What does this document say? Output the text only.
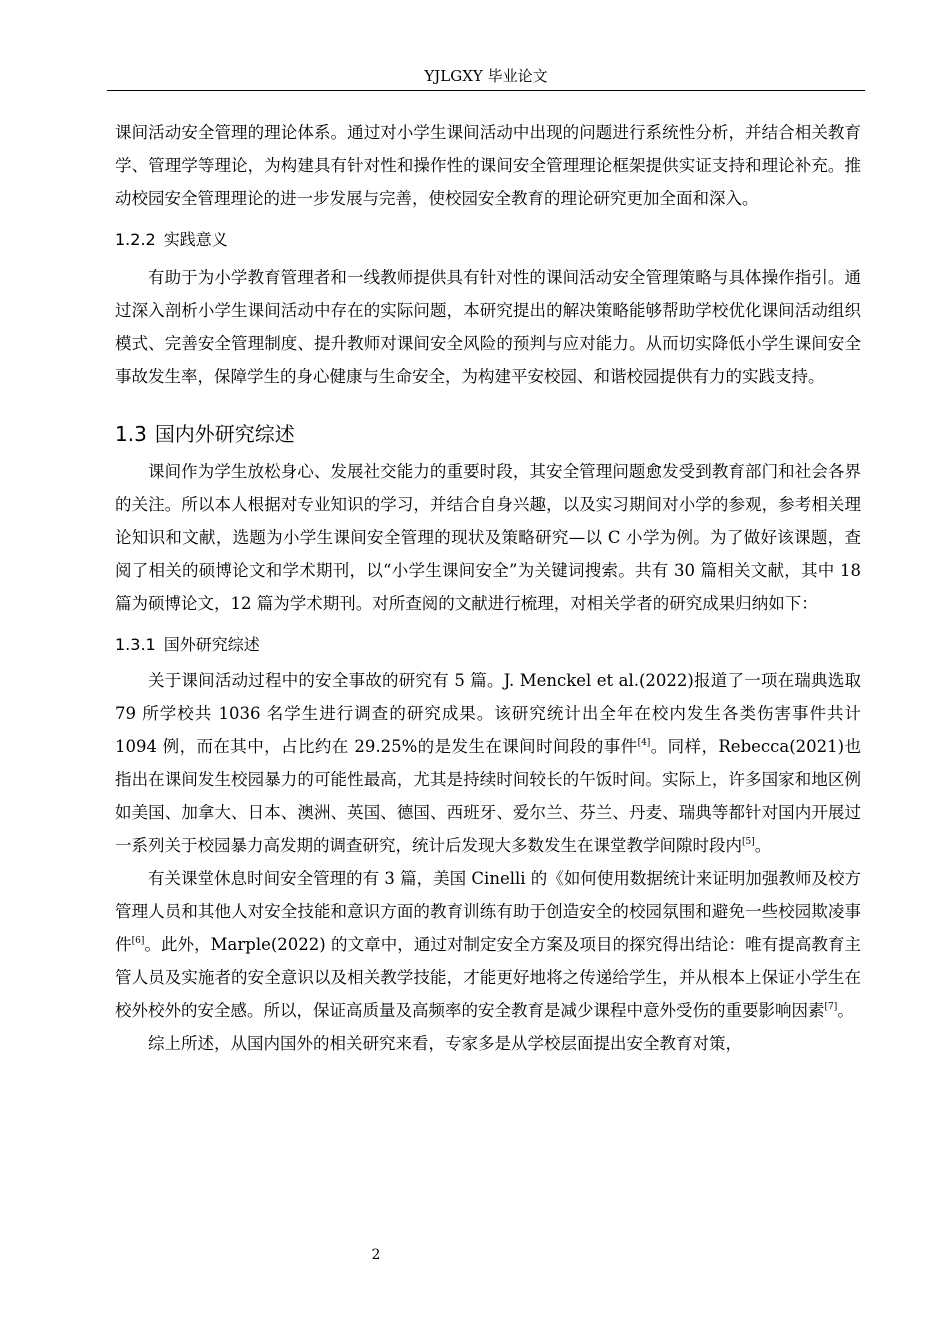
YJLGXY 毕业论文

课间活动安全管理的理论体系。通过对小学生课间活动中出现的问题进行系统性分析，并结合相关教育学、管理学等理论，为构建具有针对性和操作性的课间安全管理理论框架提供实证支持和理论补充。推动校园安全管理理论的进一步发展与完善，使校园安全教育的理论研究更加全面和深入。

1.2.2 实践意义

有助于为小学教育管理者和一线教师提供具有针对性的课间活动安全管理策略与具体操作指引。通过深入剖析小学生课间活动中存在的实际问题，本研究提出的解决策略能够帮助学校优化课间活动组织模式、完善安全管理制度、提升教师对课间安全风险的预判与应对能力。从而切实降低小学生课间安全事故发生率，保障学生的身心健康与生命安全，为构建平安校园、和谐校园提供有力的实践支持。

1.3 国内外研究综述

课间作为学生放松身心、发展社交能力的重要时段，其安全管理问题愈发受到教育部门和社会各界的关注。所以本人根据对专业知识的学习，并结合自身兴趣，以及实习期间对小学的参观，参考相关理论知识和文献，选题为小学生课间安全管理的现状及策略研究—以 C 小学为例。为了做好该课题，查阅了相关的硕博论文和学术期刊，以“小学生课间安全”为关键词搜索。共有 30 篇相关文献，其中 18 篇为硕博论文，12 篇为学术期刊。对所查阅的文献进行梳理，对相关学者的研究成果归纳如下：

1.3.1 国外研究综述

关于课间活动过程中的安全事故的研究有 5 篇。J. Menckel et al.(2022)报道了一项在瑞典选取 79 所学校共 1036 名学生进行调查的研究成果。该研究统计出全年在校内发生各类伤害事件共计 1094 例，而在其中，占比约在 29.25%的是发生在课间时间段的事件[4]。同样，Rebecca(2021)也指出在课间发生校园暴力的可能性最高，尤其是持续时间较长的午饭时间。实际上，许多国家和地区例如美国、加拿大、日本、澳洲、英国、德国、西班牙、爱尔兰、芬兰、丹麦、瑞典等都针对国内开展过一系列关于校园暴力高发期的调查研究，统计后发现大多数发生在课堂教学间隙时段内[5]。

有关课堂休息时间安全管理的有 3 篇，美国 Cinelli 的《如何使用数据统计来证明加强教师及校方管理人员和其他人对安全技能和意识方面的教育训练有助于创造安全的校园氛围和避免一些校园欺凌事件[6]。此外，Marple(2022) 的文章中，通过对制定安全方案及项目的探究得出结论：唯有提高教育主管人员及实施者的安全意识以及相关教学技能，才能更好地将之传递给学生，并从根本上保证小学生在校外校外的安全感。所以，保证高质量及高频率的安全教育是减少课程中意外受伤的重要影响因素[7]。

综上所述，从国内国外的相关研究来看，专家多是从学校层面提出安全教育对策，

2
